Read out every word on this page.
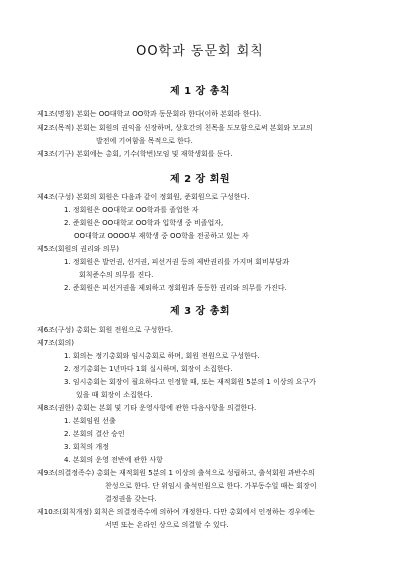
OO학과 동문회 회칙
제 1 장 총칙
제1조(명칭) 본회는 OO대학교 OO학과 동문회라 한다(이하 본회라 한다).
제2조(목적) 본회는 회원의 권익을 신장하며, 상호간의 친목을 도모함으로써 본회와 모교의
발전에 기여함을 목적으로 한다.
제3조(기구) 본회에는 총회, 기수(학번)모임 및 재학생회를 둔다.
제 2 장 회원
제4조(구성) 본회의 회원은 다음과 같이 정회원, 준회원으로 구성한다.
1. 정회원은 OO대학교 OO학과를 졸업한 자
2. 준회원은 OO대학교 OO학과 입학생 중 비졸업자,
OO대학교 OOOO부 재학생 중 OO학을 전공하고 있는 자
제5조(회원의 권리와 의무)
1. 정회원은 발언권, 선거권, 피선거권 등의 제반권리를 가지며 회비부담과
회칙준수의 의무를 진다.
2. 준회원은 피선거권을 제외하고 정회원과 동등한 권리와 의무를 가진다.
제 3 장 총회
제6조(구성) 총회는 회원 전원으로 구성한다.
제7조(회의)
1. 회의는 정기총회와 임시총회로 하며, 회원 전원으로 구성한다.
2. 정기총회는 1년마다 1회 실시하며, 회장이 소집한다.
3. 임시총회는 회장이 필요하다고 인정할 때, 또는 재적회원 5분의 1 이상의 요구가
있을 때 회장이 소집한다.
제8조(권한) 총회는 본회 및 기타 운영사항에 관한 다음사항을 의결한다.
1. 본회임원 선출
2. 본회의 결산 승인
3. 회칙의 개정
4. 본회의 운영 전반에 관한 사항
제9조(의결정족수) 총회는 재적회원 5분의 1 이상의 출석으로 성립하고, 출석회원 과반수의
찬성으로 한다. 단 위임시 출석인원으로 한다. 가부동수일 때는 회장이
결정권을 갖는다.
제10조(회칙개정) 회칙은 의결정족수에 의하여 개정한다. 다만 총회에서 인정하는 경우에는
서면 또는 온라인 상으로 의결할 수 있다.
